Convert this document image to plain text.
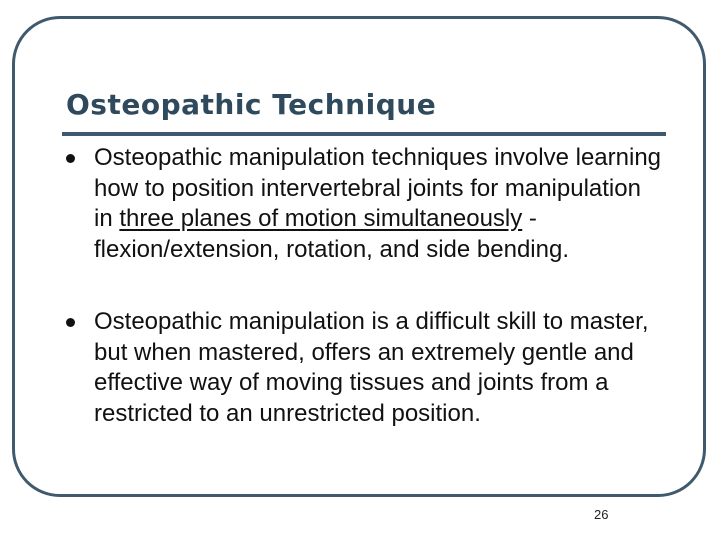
Osteopathic Technique
Osteopathic manipulation techniques involve learning how to position intervertebral joints for manipulation in three planes of motion simultaneously - flexion/extension, rotation, and side bending.
Osteopathic manipulation is a difficult skill to master, but when mastered, offers an extremely gentle and effective way of moving tissues and joints from a restricted to an unrestricted position.
26
